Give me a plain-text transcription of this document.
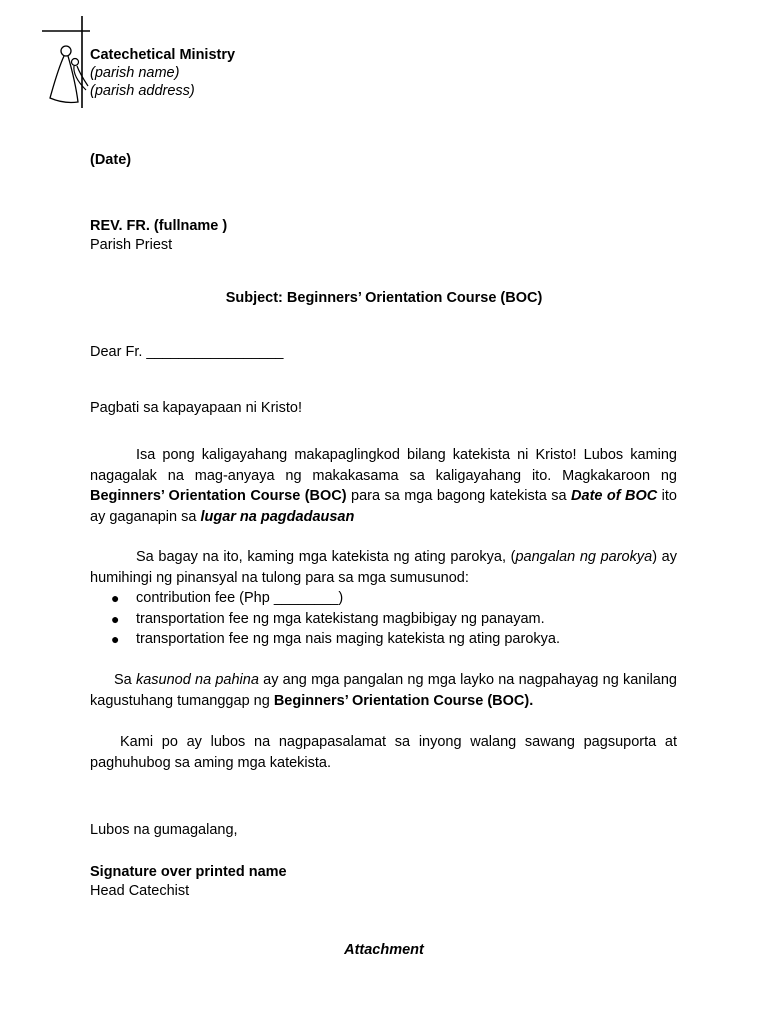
Catechetical Ministry
(parish name)
(parish address)
(Date)
REV. FR. (fullname )
Parish Priest
Subject: Beginners’ Orientation Course (BOC)
Dear Fr. _________________
Pagbati sa kapayapaan ni Kristo!
Isa pong kaligayahang makapaglingkod bilang katekista ni Kristo! Lubos kaming nagagalak na mag-anyaya ng makakasama sa kaligayahang ito. Magkakaroon ng Beginners’ Orientation Course (BOC) para sa mga bagong katekista sa Date of BOC ito ay gaganapin sa lugar na pagdadausan
Sa bagay na ito, kaming mga katekista ng ating parokya, (pangalan ng parokya) ay humihingi ng pinansyal na tulong para sa mga sumusunod:
● contribution fee (Php ________)
● transportation fee ng mga katekistang magbibigay ng panayam.
● transportation fee ng mga nais maging katekista ng ating parokya.
Sa kasunod na pahina ay ang mga pangalan ng mga layko na nagpahayag ng kanilang kagustuhang tumanggap ng Beginners’ Orientation Course (BOC).
Kami po ay lubos na nagpapasalamat sa inyong walang sawang pagsuporta at paghuhubog sa aming mga katekista.
Lubos na gumagalang,
Signature over printed name
Head Catechist
Attachment
